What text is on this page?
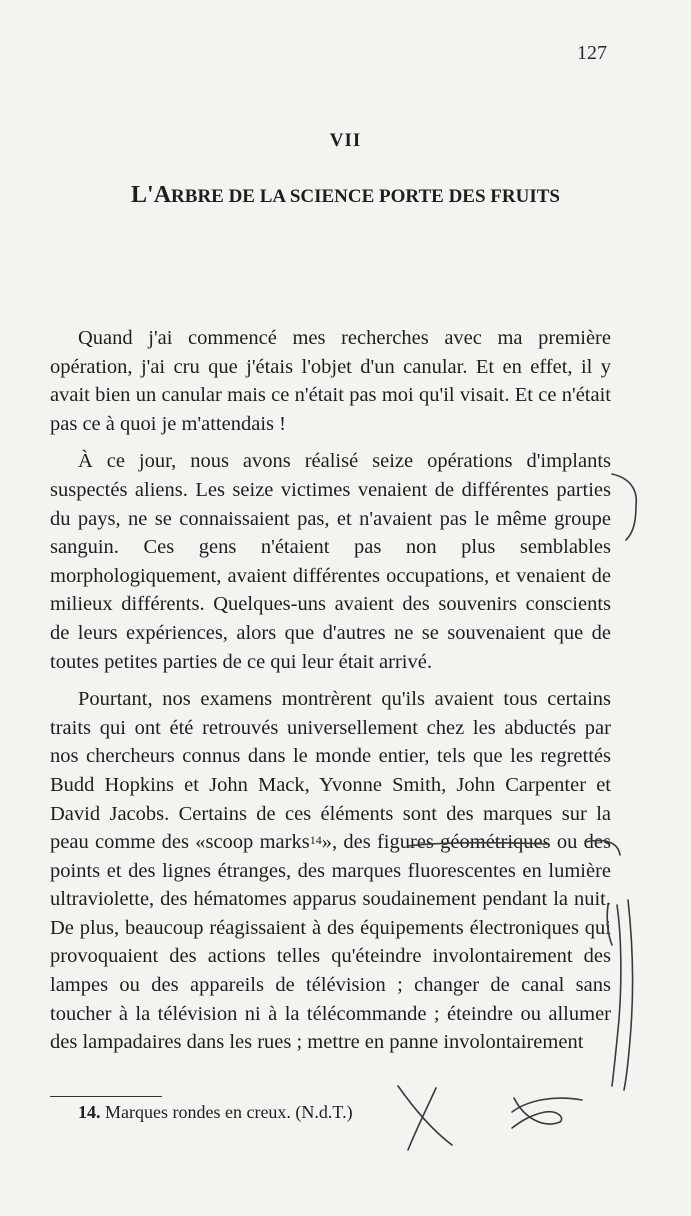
127
VII
L'ARBRE DE LA SCIENCE PORTE DES FRUITS

Quand j'ai commencé mes recherches avec ma première opération, j'ai cru que j'étais l'objet d'un canular. Et en effet, il y avait bien un canular mais ce n'était pas moi qu'il visait. Et ce n'était pas ce à quoi je m'attendais !

À ce jour, nous avons réalisé seize opérations d'implants suspectés aliens. Les seize victimes venaient de différentes parties du pays, ne se connaissaient pas, et n'avaient pas le même groupe sanguin. Ces gens n'étaient pas non plus semblables morphologiquement, avaient différentes occupations, et venaient de milieux différents. Quelques-uns avaient des souvenirs conscients de leurs expériences, alors que d'autres ne se souvenaient que de toutes petites parties de ce qui leur était arrivé.

Pourtant, nos examens montrèrent qu'ils avaient tous certains traits qui ont été retrouvés universellement chez les abductés par nos chercheurs connus dans le monde entier, tels que les regrettés Budd Hopkins et John Mack, Yvonne Smith, John Carpenter et David Jacobs. Certains de ces éléments sont des marques sur la peau comme des «scoop marks$^{14}$», des figures géométriques ou des points et des lignes étranges, des marques fluorescentes en lumière ultraviolette, des hématomes apparus soudainement pendant la nuit. De plus, beaucoup réagissaient à des équipements électroniques qui provoquaient des actions telles qu'éteindre involontairement des lampes ou des appareils de télévision ; changer de canal sans toucher à la télévision ni à la télécommande ; éteindre ou allumer des lampadaires dans les rues ; mettre en panne involontairement

14. Marques rondes en creux. (N.d.T.)
